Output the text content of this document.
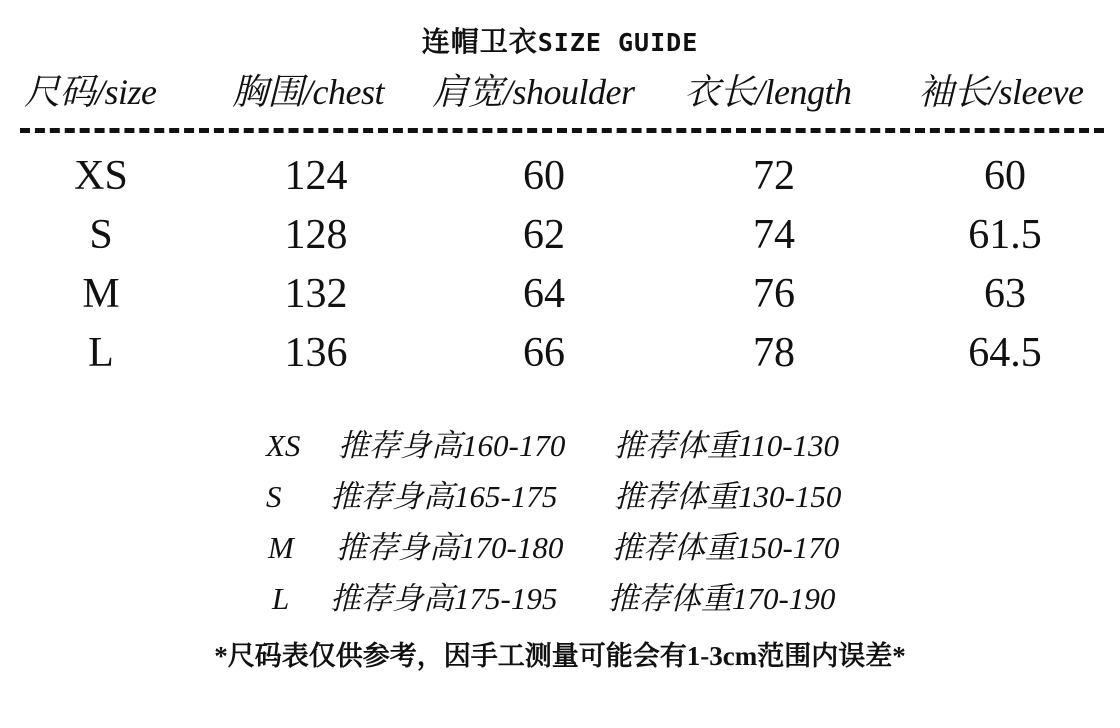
连帽卫衣SIZE GUIDE
尺码/size 胸围/chest 肩宽/shoulder 衣长/length 袖长/sleeve
XS	124	60	72	60
S	128	62	74	61.5
M	132	64	76	63
L	136	66	78	64.5
XS 推荐身高160-170 推荐体重110-130
S 推荐身高165-175 推荐体重130-150
M 推荐身高170-180 推荐体重150-170
L 推荐身高175-195 推荐体重170-190
*尺码表仅供参考，因手工测量可能会有1-3cm范围内误差*
